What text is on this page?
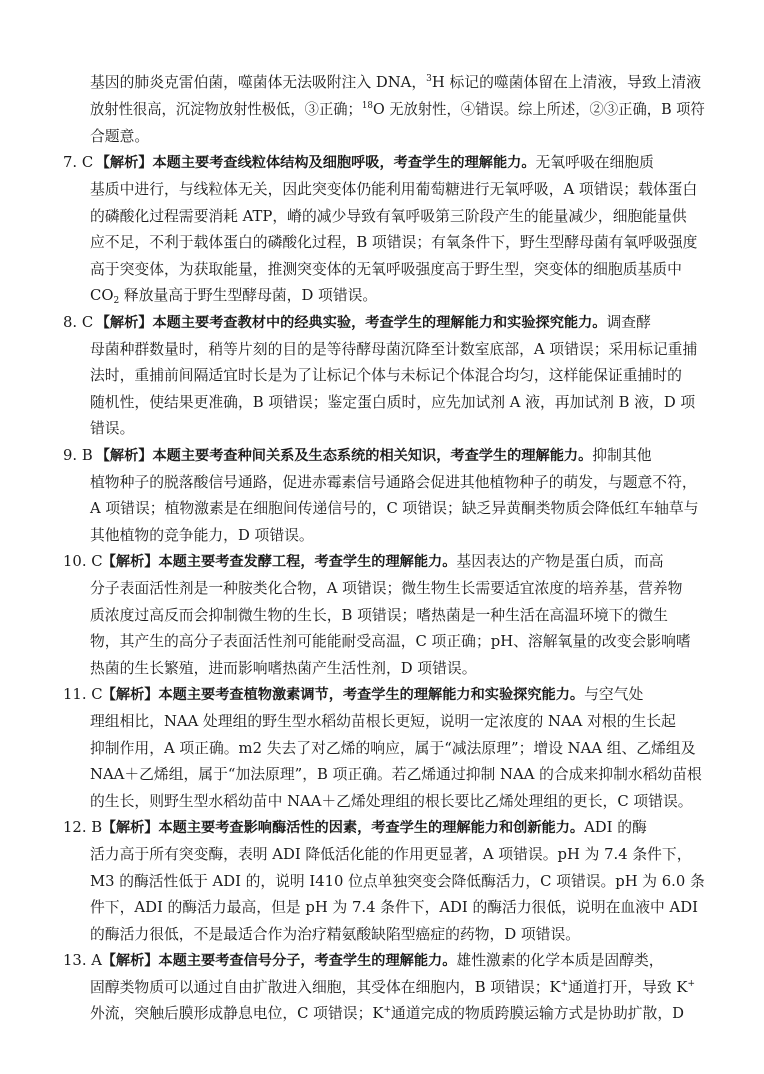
基因的肺炎克雷伯菌，噬菌体无法吸附注入 DNA，$^3$H 标记的噬菌体留在上清液，导致上清液
放射性很高，沉淀物放射性极低，③正确；$^{18}$O 无放射性，④错误。综上所述，②③正确，B 项符
合题意。
7. C 【解析】本题主要考查线粒体结构及细胞呼吸，考查学生的理解能力。无氧呼吸在细胞质
基质中进行，与线粒体无关，因此突变体仍能利用葡萄糖进行无氧呼吸，A 项错误；载体蛋白
的磷酸化过程需要消耗 ATP，嵴的减少导致有氧呼吸第三阶段产生的能量减少，细胞能量供
应不足，不利于载体蛋白的磷酸化过程，B 项错误；有氧条件下，野生型酵母菌有氧呼吸强度
高于突变体，为获取能量，推测突变体的无氧呼吸强度高于野生型，突变体的细胞质基质中
$CO_2$ 释放量高于野生型酵母菌，D 项错误。
8. C 【解析】本题主要考查教材中的经典实验，考查学生的理解能力和实验探究能力。调查酵
母菌种群数量时，稍等片刻的目的是等待酵母菌沉降至计数室底部，A 项错误；采用标记重捕
法时，重捕前间隔适宜时长是为了让标记个体与未标记个体混合均匀，这样能保证重捕时的
随机性，使结果更准确，B 项错误；鉴定蛋白质时，应先加试剂 A 液，再加试剂 B 液，D 项
错误。
9. B 【解析】本题主要考查种间关系及生态系统的相关知识，考查学生的理解能力。抑制其他
植物种子的脱落酸信号通路，促进赤霉素信号通路会促进其他植物种子的萌发，与题意不符，
A 项错误；植物激素是在细胞间传递信号的，C 项错误；缺乏异黄酮类物质会降低红车轴草与
其他植物的竞争能力，D 项错误。
10. C 【解析】本题主要考查发酵工程，考查学生的理解能力。基因表达的产物是蛋白质，而高
分子表面活性剂是一种胺类化合物，A 项错误；微生物生长需要适宜浓度的培养基，营养物
质浓度过高反而会抑制微生物的生长，B 项错误；嗜热菌是一种生活在高温环境下的微生
物，其产生的高分子表面活性剂可能能耐受高温，C 项正确；pH、溶解氧量的改变会影响嗜
热菌的生长繁殖，进而影响嗜热菌产生活性剂，D 项错误。
11. C 【解析】本题主要考查植物激素调节，考查学生的理解能力和实验探究能力。与空气处
理组相比，NAA 处理组的野生型水稻幼苗根长更短，说明一定浓度的 NAA 对根的生长起
抑制作用，A 项正确。m2 失去了对乙烯的响应，属于“减法原理”；增设 NAA 组、乙烯组及
NAA＋乙烯组，属于“加法原理”，B 项正确。若乙烯通过抑制 NAA 的合成来抑制水稻幼苗根
的生长，则野生型水稻幼苗中 NAA＋乙烯处理组的根长要比乙烯处理组的更长，C 项错误。
12. B 【解析】本题主要考查影响酶活性的因素，考查学生的理解能力和创新能力。ADI 的酶
活力高于所有突变酶，表明 ADI 降低活化能的作用更显著，A 项错误。pH 为 7.4 条件下，
M3 的酶活性低于 ADI 的，说明 I410 位点单独突变会降低酶活力，C 项错误。pH 为 6.0 条
件下，ADI 的酶活力最高，但是 pH 为 7.4 条件下，ADI 的酶活力很低，说明在血液中 ADI
的酶活力很低，不是最适合作为治疗精氨酸缺陷型癌症的药物，D 项错误。
13. A 【解析】本题主要考查信号分子，考查学生的理解能力。雄性激素的化学本质是固醇类，
固醇类物质可以通过自由扩散进入细胞，其受体在细胞内，B 项错误；K+通道打开，导致 K+
外流，突触后膜形成静息电位，C 项错误；K+通道完成的物质跨膜运输方式是协助扩散，D
